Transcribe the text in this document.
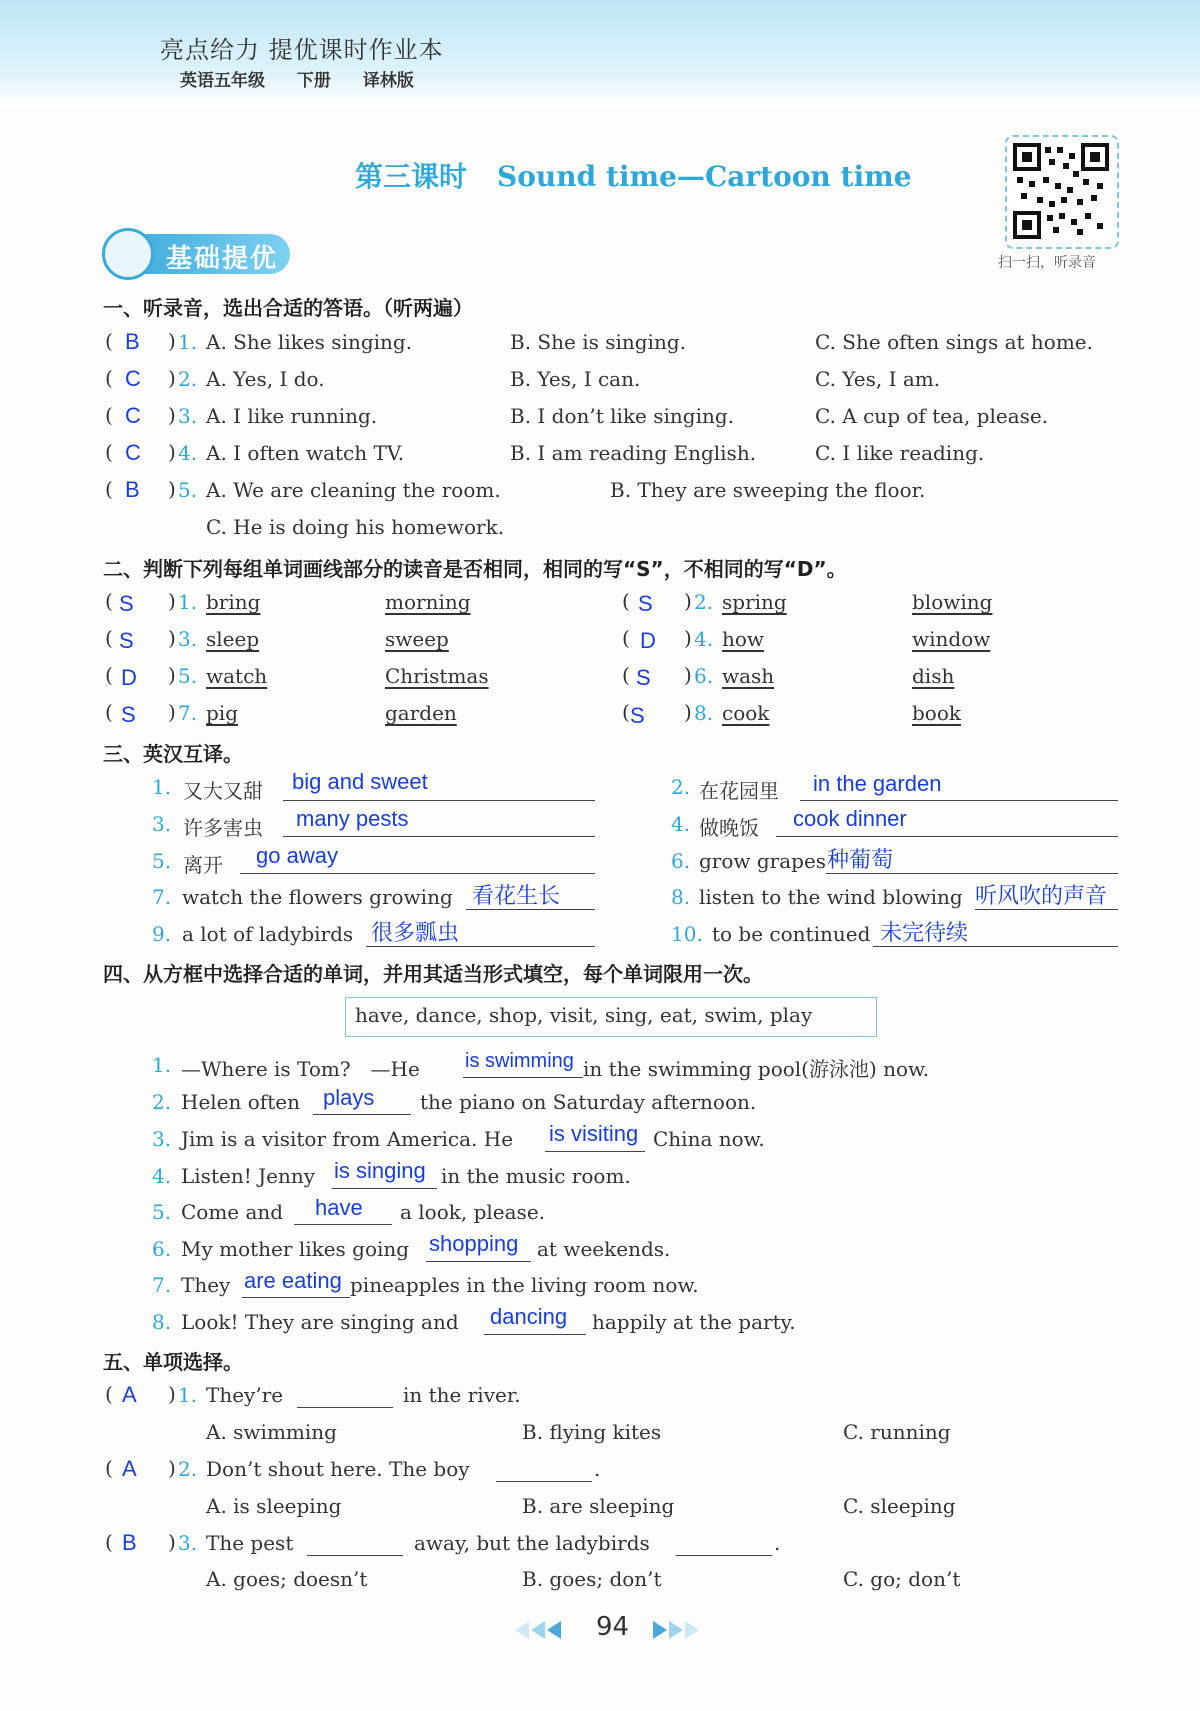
亮点给力 提优课时作业本
英语五年级 下册 译林版
第三课时 Sound time—Cartoon time
扫一扫，听录音
基础提优
一、听录音，选出合适的答语。（听两遍）
( B ) 1. A. She likes singing.	B. She is singing.	C. She often sings at home.
( C ) 2. A. Yes, I do.	B. Yes, I can.	C. Yes, I am.
( C ) 3. A. I like running.	B. I don’t like singing.	C. A cup of tea, please.
( C ) 4. A. I often watch TV.	B. I am reading English.	C. I like reading.
( B ) 5. A. We are cleaning the room.	B. They are sweeping the floor.
C. He is doing his homework.
二、判断下列每组单词画线部分的读音是否相同，相同的写“S”，不相同的写“D”。
( S ) 1. bring	morning	( S ) 2. spring	blowing
( S ) 3. sleep	sweep	( D ) 4. how	window
( D ) 5. watch	Christmas	( S ) 6. wash	dish
( S ) 7. pig	garden	( S ) 8. cook	book
三、英汉互译。
1. 又大又甜 big and sweet	2. 在花园里 in the garden
3. 许多害虫 many pests	4. 做晚饭 cook dinner
5. 离开 go away	6. grow grapes 种葡萄
7. watch the flowers growing 看花生长	8. listen to the wind blowing 听风吹的声音
9. a lot of ladybirds 很多瓢虫	10. to be continued 未完待续
四、从方框中选择合适的单词，并用其适当形式填空，每个单词限用一次。
have, dance, shop, visit, sing, eat, swim, play
1. —Where is Tom?　—He is swimming in the swimming pool(游泳池) now.
2. Helen often plays the piano on Saturday afternoon.
3. Jim is a visitor from America. He is visiting China now.
4. Listen! Jenny is singing in the music room.
5. Come and have a look, please.
6. My mother likes going shopping at weekends.
7. They are eating pineapples in the living room now.
8. Look! They are singing and dancing happily at the party.
五、单项选择。
( A ) 1. They’re	in the river.
A. swimming	B. flying kites	C. running
( A ) 2. Don’t shout here. The boy	.
A. is sleeping	B. are sleeping	C. sleeping
( B ) 3. The pest	away, but the ladybirds	.
A. goes; doesn’t	B. goes; don’t	C. go; don’t
94
